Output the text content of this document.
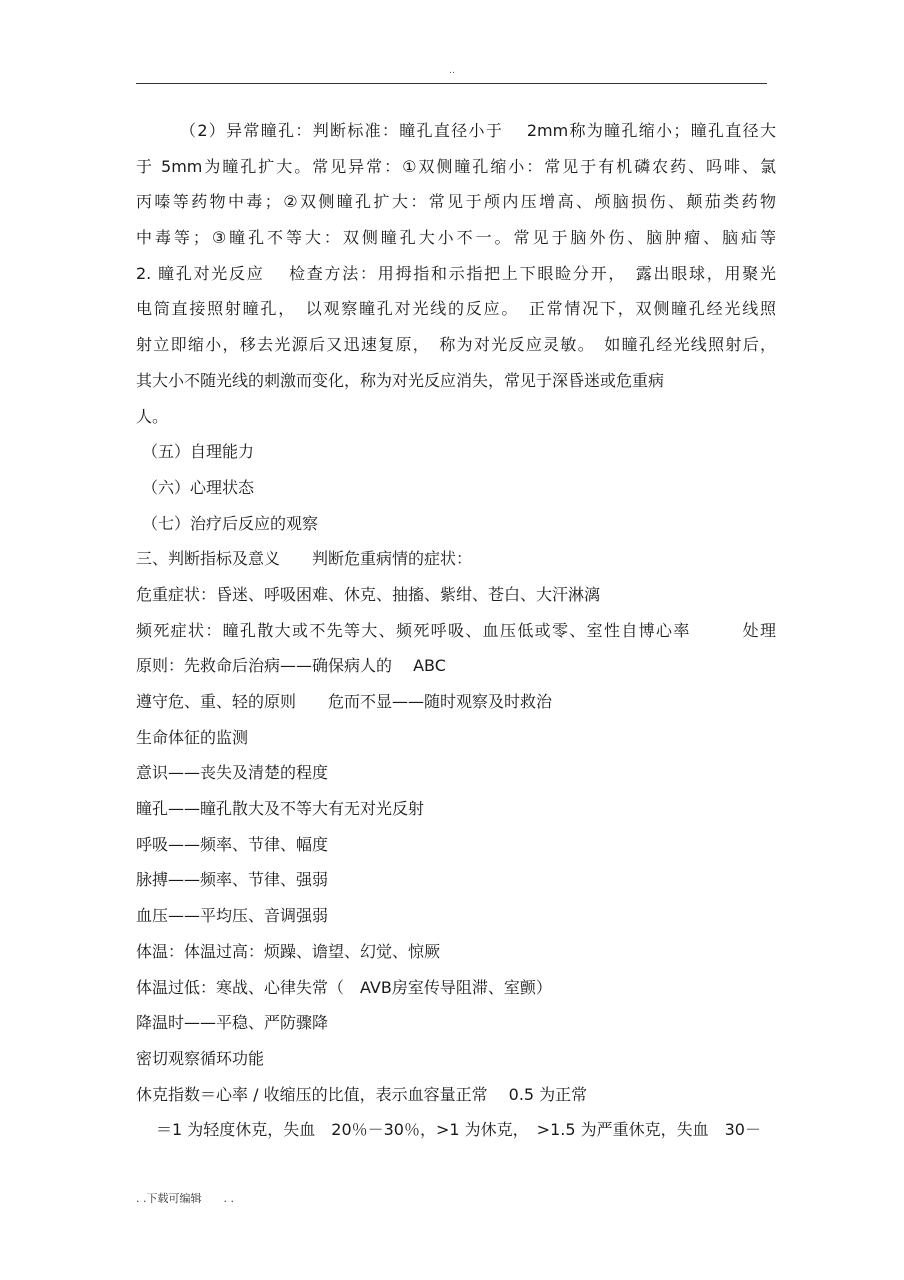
..
（2）异常瞳孔：判断标准：瞳孔直径小于　 2mm称为瞳孔缩小；瞳孔直径大
于 5mm为瞳孔扩大。常见异常：①双侧瞳孔缩小：常见于有机磷农药、吗啡、氯
丙嗪等药物中毒；②双侧瞳孔扩大：常见于颅内压增高、颅脑损伤、颠茄类药物
中毒等；③瞳孔不等大：双侧瞳孔大小不一。常见于脑外伤、脑肿瘤、脑疝等
2. 瞳孔对光反应　 检查方法：用拇指和示指把上下眼睑分开，　露出眼球，用聚光
电筒直接照射瞳孔，　以观察瞳孔对光线的反应。　正常情况下，双侧瞳孔经光线照
射立即缩小，移去光源后又迅速复原，　称为对光反应灵敏。　如瞳孔经光线照射后，
其大小不随光线的刺激而变化，称为对光反应消失，常见于深昏迷或危重病
人。
（五）自理能力
（六）心理状态
（七）治疗后反应的观察
三、判断指标及意义　　判断危重病情的症状：
危重症状：昏迷、呼吸困难、休克、抽搐、紫绀、苍白、大汗淋漓
频死症状：瞳孔散大或不先等大、频死呼吸、血压低或零、室性自博心率　　　处理
原则：先救命后治病——确保病人的　 ABC
遵守危、重、轻的原则　　危而不显——随时观察及时救治
生命体征的监测
意识——丧失及清楚的程度
瞳孔——瞳孔散大及不等大有无对光反射
呼吸——频率、节律、幅度
脉搏——频率、节律、强弱
血压——平均压、音调强弱
体温：体温过高：烦躁、谵望、幻觉、惊厥
体温过低：寒战、心律失常（　AVB房室传导阻滞、室颤）
降温时——平稳、严防骤降
密切观察循环功能
休克指数＝心率 / 收缩压的比值，表示血容量正常　 0.5 为正常
＝1 为轻度休克，失血　20％－30％，>1 为休克，　>1.5 为严重休克，失血　30－
. .下载可编辑　　. .
